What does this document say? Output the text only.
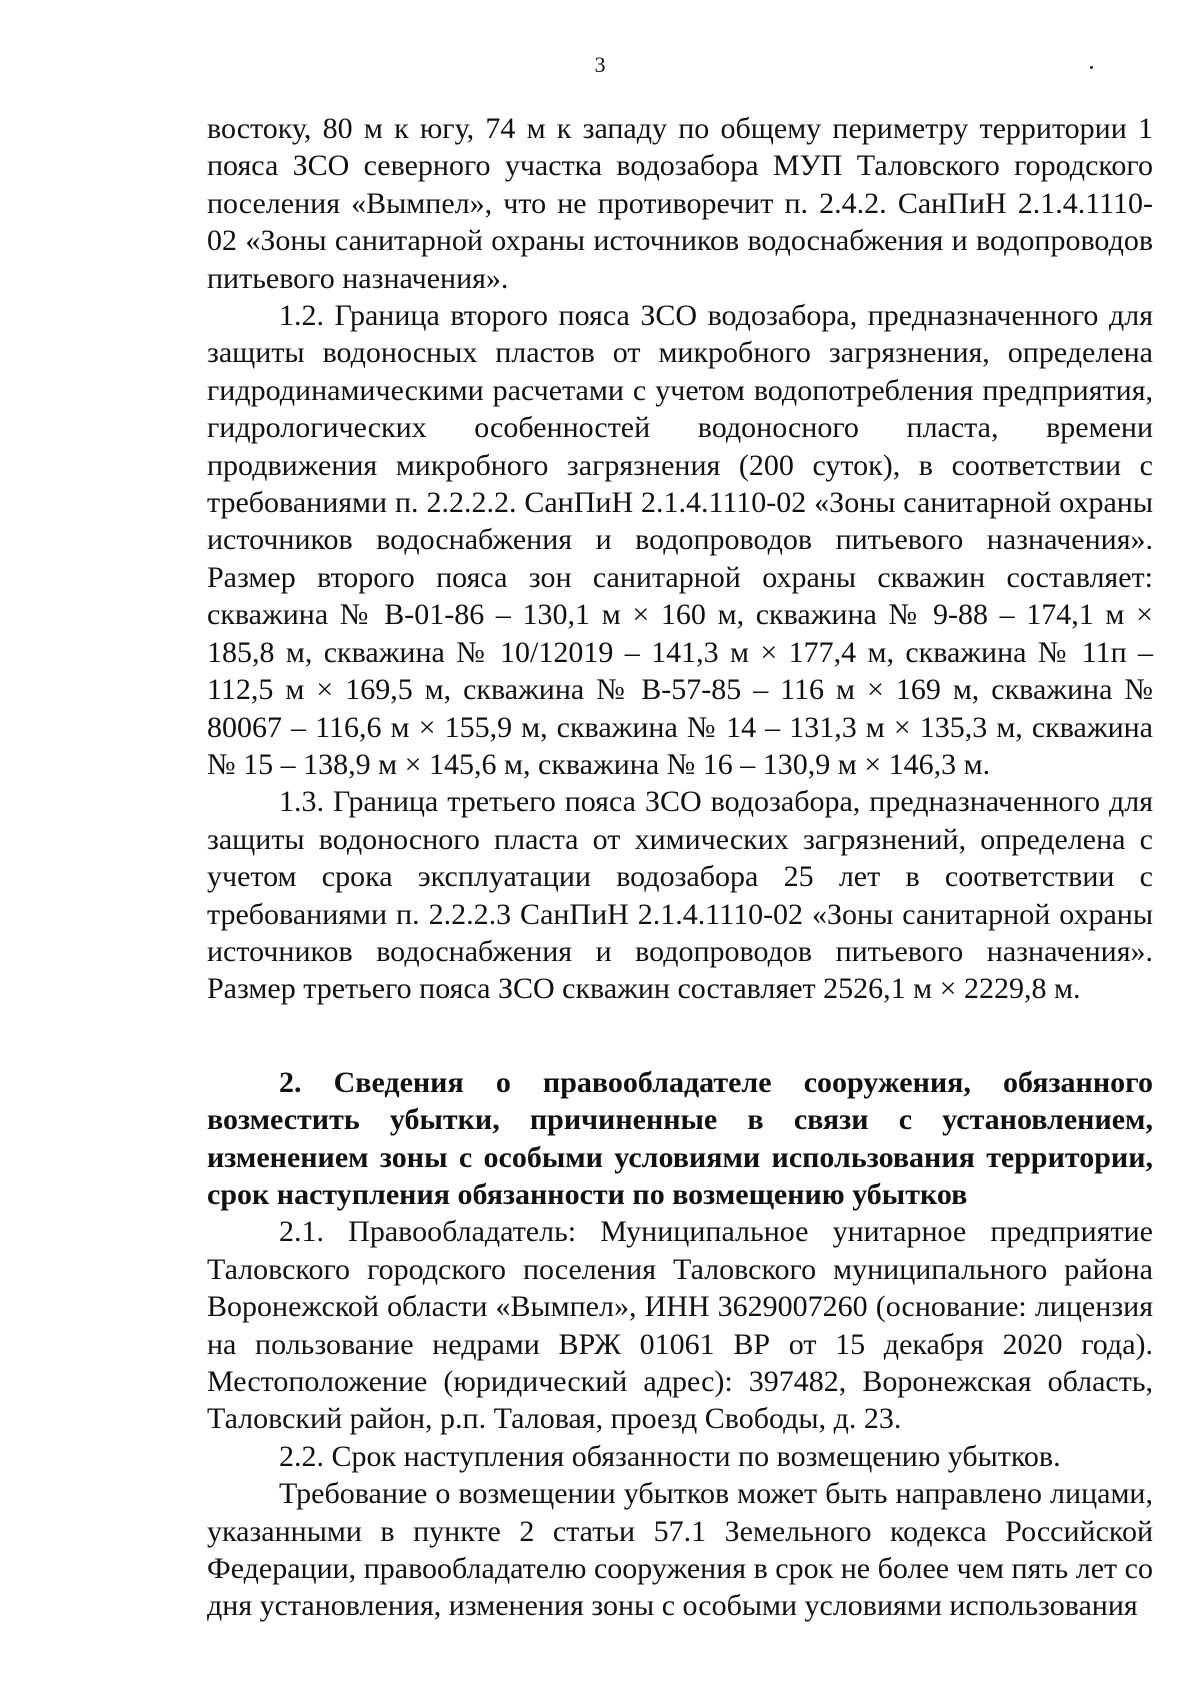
3

востоку, 80 м к югу, 74 м к западу по общему периметру территории 1 пояса ЗСО северного участка водозабора МУП Таловского городского поселения «Вымпел», что не противоречит п. 2.4.2. СанПиН 2.1.4.1110-02 «Зоны санитарной охраны источников водоснабжения и водопроводов питьевого назначения».

1.2. Граница второго пояса ЗСО водозабора, предназначенного для защиты водоносных пластов от микробного загрязнения, определена гидродинамическими расчетами с учетом водопотребления предприятия, гидрологических особенностей водоносного пласта, времени продвижения микробного загрязнения (200 суток), в соответствии с требованиями п. 2.2.2.2. СанПиН 2.1.4.1110-02 «Зоны санитарной охраны источников водоснабжения и водопроводов питьевого назначения». Размер второго пояса зон санитарной охраны скважин составляет: скважина № В-01-86 – 130,1 м × 160 м, скважина № 9-88 – 174,1 м × 185,8 м, скважина № 10/12019 – 141,3 м × 177,4 м, скважина № 11п – 112,5 м × 169,5 м, скважина № В-57-85 – 116 м × 169 м, скважина № 80067 – 116,6 м × 155,9 м, скважина № 14 – 131,3 м × 135,3 м, скважина № 15 – 138,9 м × 145,6 м, скважина № 16 – 130,9 м × 146,3 м.

1.3. Граница третьего пояса ЗСО водозабора, предназначенного для защиты водоносного пласта от химических загрязнений, определена с учетом срока эксплуатации водозабора 25 лет в соответствии с требованиями п. 2.2.2.3 СанПиН 2.1.4.1110-02 «Зоны санитарной охраны источников водоснабжения и водопроводов питьевого назначения». Размер третьего пояса ЗСО скважин составляет 2526,1 м × 2229,8 м.

2. Сведения о правообладателе сооружения, обязанного возместить убытки, причиненные в связи с установлением, изменением зоны с особыми условиями использования территории, срок наступления обязанности по возмещению убытков

2.1. Правообладатель: Муниципальное унитарное предприятие Таловского городского поселения Таловского муниципального района Воронежской области «Вымпел», ИНН 3629007260 (основание: лицензия на пользование недрами ВРЖ 01061 ВР от 15 декабря 2020 года). Местоположение (юридический адрес): 397482, Воронежская область, Таловский район, р.п. Таловая, проезд Свободы, д. 23.

2.2. Срок наступления обязанности по возмещению убытков.

Требование о возмещении убытков может быть направлено лицами, указанными в пункте 2 статьи 57.1 Земельного кодекса Российской Федерации, правообладателю сооружения в срок не более чем пять лет со дня установления, изменения зоны с особыми условиями использования
